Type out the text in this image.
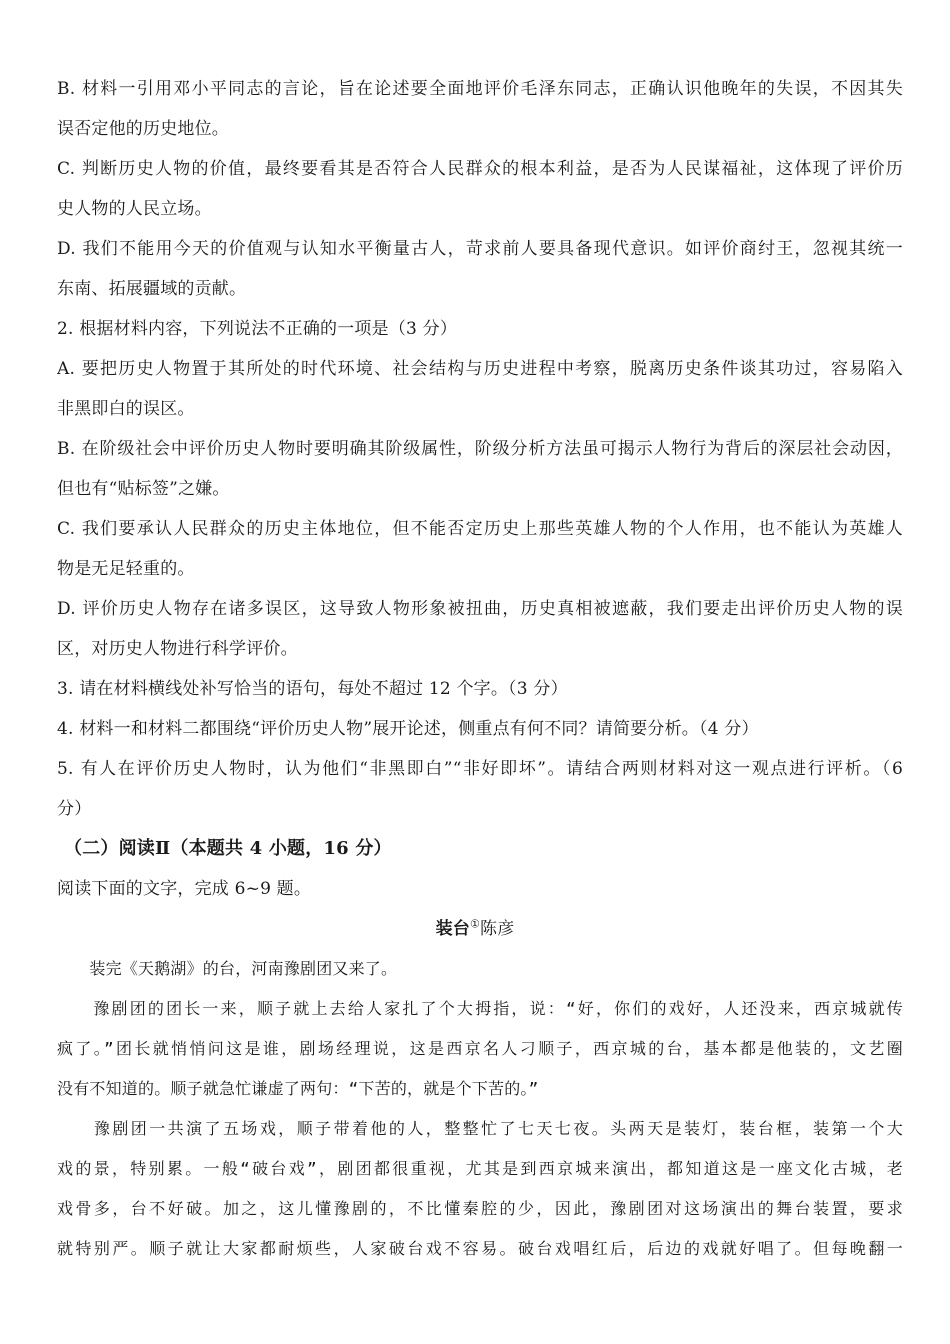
B. 材料一引用邓小平同志的言论，旨在论述要全面地评价毛泽东同志，正确认识他晚年的失误，不因其失
误否定他的历史地位。
C. 判断历史人物的价值，最终要看其是否符合人民群众的根本利益，是否为人民谋福祉，这体现了评价历
史人物的人民立场。
D. 我们不能用今天的价值观与认知水平衡量古人，苛求前人要具备现代意识。如评价商纣王，忽视其统一
东南、拓展疆域的贡献。
2. 根据材料内容，下列说法不正确的一项是（3 分）
A. 要把历史人物置于其所处的时代环境、社会结构与历史进程中考察，脱离历史条件谈其功过，容易陷入
非黑即白的误区。
B. 在阶级社会中评价历史人物时要明确其阶级属性，阶级分析方法虽可揭示人物行为背后的深层社会动因，
但也有“贴标签”之嫌。
C. 我们要承认人民群众的历史主体地位，但不能否定历史上那些英雄人物的个人作用，也不能认为英雄人
物是无足轻重的。
D. 评价历史人物存在诸多误区，这导致人物形象被扭曲，历史真相被遮蔽，我们要走出评价历史人物的误
区，对历史人物进行科学评价。
3. 请在材料横线处补写恰当的语句，每处不超过 12 个字。（3 分）
4. 材料一和材料二都围绕“评价历史人物”展开论述，侧重点有何不同？请简要分析。（4 分）
5. 有人在评价历史人物时，认为他们“非黑即白”“非好即坏”。请结合两则材料对这一观点进行评析。（6
分）
（二）阅读Ⅱ（本题共 4 小题，16 分）
阅读下面的文字，完成 6~9 题。
装台①陈彦
　　装完《天鹅湖》的台，河南豫剧团又来了。
　　豫剧团的团长一来，顺子就上去给人家扎了个大拇指，说：“好，你们的戏好，人还没来，西京城就传
疯了。”团长就悄悄问这是谁，剧场经理说，这是西京名人刁顺子，西京城的台，基本都是他装的，文艺圈
没有不知道的。顺子就急忙谦虚了两句：“下苦的，就是个下苦的。”
　　豫剧团一共演了五场戏，顺子带着他的人，整整忙了七天七夜。头两天是装灯，装台框，装第一个大
戏的景，特别累。一般“破台戏”，剧团都很重视，尤其是到西京城来演出，都知道这是一座文化古城，老
戏骨多，台不好破。加之，这儿懂豫剧的，不比懂秦腔的少，因此，豫剧团对这场演出的舞台装置，要求
就特别严。顺子就让大家都耐烦些，人家破台戏不容易。破台戏唱红后，后边的戏就好唱了。但每晚翻一
